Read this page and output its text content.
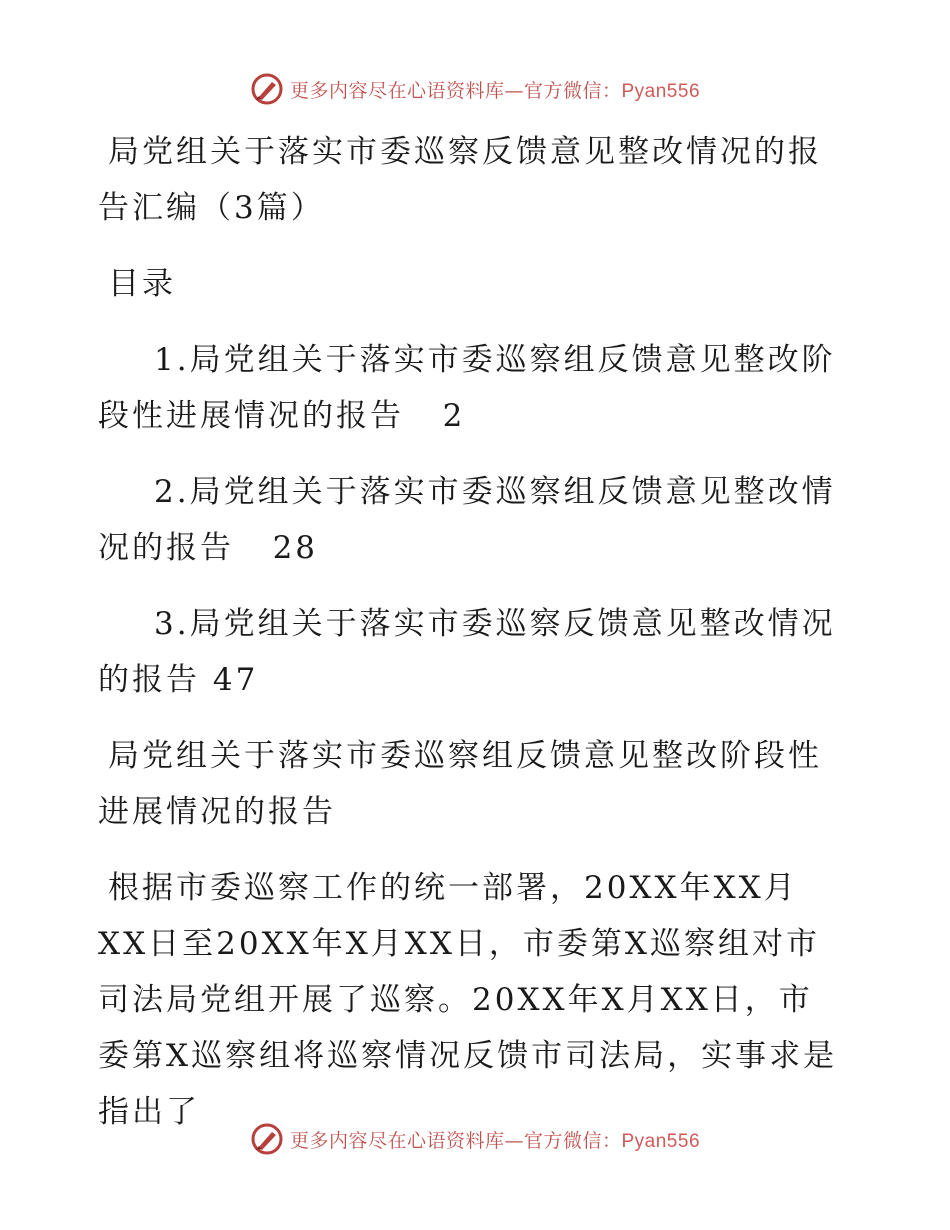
更多内容尽在心语资料库—官方微信：Pyan556

局党组关于落实市委巡察反馈意见整改情况的报告汇编（3篇）

目录

1.局党组关于落实市委巡察组反馈意见整改阶段性进展情况的报告 2

2.局党组关于落实市委巡察组反馈意见整改情况的报告 28

3.局党组关于落实市委巡察反馈意见整改情况的报告 47

局党组关于落实市委巡察组反馈意见整改阶段性进展情况的报告

根据市委巡察工作的统一部署，20XX年XX月XX日至20XX年X月XX日，市委第X巡察组对市司法局党组开展了巡察。20XX年X月XX日，市委第X巡察组将巡察情况反馈市司法局，实事求是指出了

更多内容尽在心语资料库—官方微信：Pyan556
